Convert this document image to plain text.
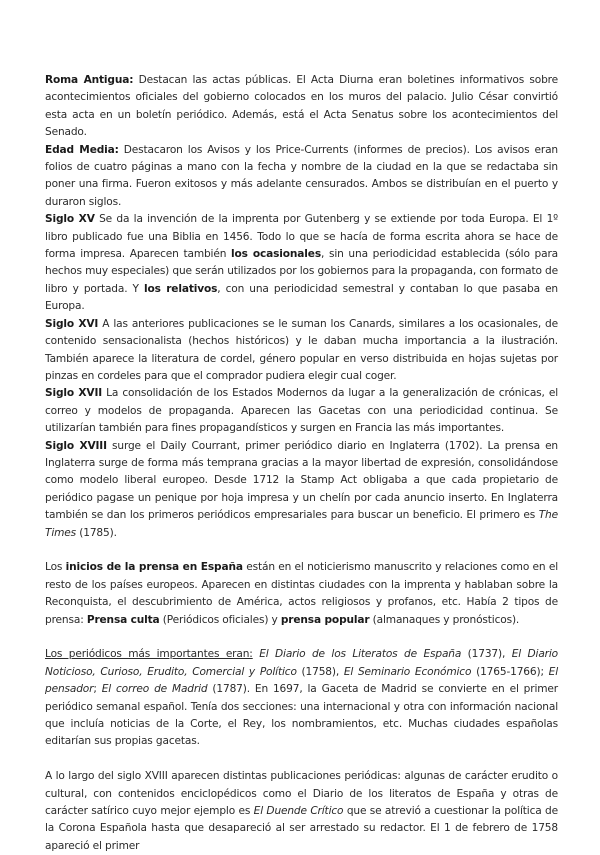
Roma Antigua: Destacan las actas públicas. El Acta Diurna eran boletines informativos sobre acontecimientos oficiales del gobierno colocados en los muros del palacio. Julio César convirtió esta acta en un boletín periódico. Además, está el Acta Senatus sobre los acontecimientos del Senado.

Edad Media: Destacaron los Avisos y los Price-Currents (informes de precios). Los avisos eran folios de cuatro páginas a mano con la fecha y nombre de la ciudad en la que se redactaba sin poner una firma. Fueron exitosos y más adelante censurados. Ambos se distribuían en el puerto y duraron siglos.

Siglo XV Se da la invención de la imprenta por Gutenberg y se extiende por toda Europa. El 1º libro publicado fue una Biblia en 1456. Todo lo que se hacía de forma escrita ahora se hace de forma impresa. Aparecen también los ocasionales, sin una periodicidad establecida (sólo para hechos muy especiales) que serán utilizados por los gobiernos para la propaganda, con formato de libro y portada. Y los relativos, con una periodicidad semestral y contaban lo que pasaba en Europa.

Siglo XVI A las anteriores publicaciones se le suman los Canards, similares a los ocasionales, de contenido sensacionalista (hechos históricos) y le daban mucha importancia a la ilustración. También aparece la literatura de cordel, género popular en verso distribuida en hojas sujetas por pinzas en cordeles para que el comprador pudiera elegir cual coger.

Siglo XVII La consolidación de los Estados Modernos da lugar a la generalización de crónicas, el correo y modelos de propaganda. Aparecen las Gacetas con una periodicidad continua. Se utilizarían también para fines propagandísticos y surgen en Francia las más importantes.

Siglo XVIII surge el Daily Courrant, primer periódico diario en Inglaterra (1702). La prensa en Inglaterra surge de forma más temprana gracias a la mayor libertad de expresión, consolidándose como modelo liberal europeo. Desde 1712 la Stamp Act obligaba a que cada propietario de periódico pagase un penique por hoja impresa y un chelín por cada anuncio inserto. En Inglaterra también se dan los primeros periódicos empresariales para buscar un beneficio. El primero es The Times (1785).

Los inicios de la prensa en España están en el noticierismo manuscrito y relaciones como en el resto de los países europeos. Aparecen en distintas ciudades con la imprenta y hablaban sobre la Reconquista, el descubrimiento de América, actos religiosos y profanos, etc. Había 2 tipos de prensa: Prensa culta (Periódicos oficiales) y prensa popular (almanaques y pronósticos).

Los periódicos más importantes eran: El Diario de los Literatos de España (1737), El Diario Noticioso, Curioso, Erudito, Comercial y Político (1758), El Seminario Económico (1765-1766); El pensador; El correo de Madrid (1787). En 1697, la Gaceta de Madrid se convierte en el primer periódico semanal español. Tenía dos secciones: una internacional y otra con información nacional que incluía noticias de la Corte, el Rey, los nombramientos, etc. Muchas ciudades españolas editarían sus propias gacetas.

A lo largo del siglo XVIII aparecen distintas publicaciones periódicas: algunas de carácter erudito o cultural, con contenidos enciclopédicos como el Diario de los literatos de España y otras de carácter satírico cuyo mejor ejemplo es El Duende Crítico que se atrevió a cuestionar la política de la Corona Española hasta que desapareció al ser arrestado su redactor. El 1 de febrero de 1758 apareció el primer
